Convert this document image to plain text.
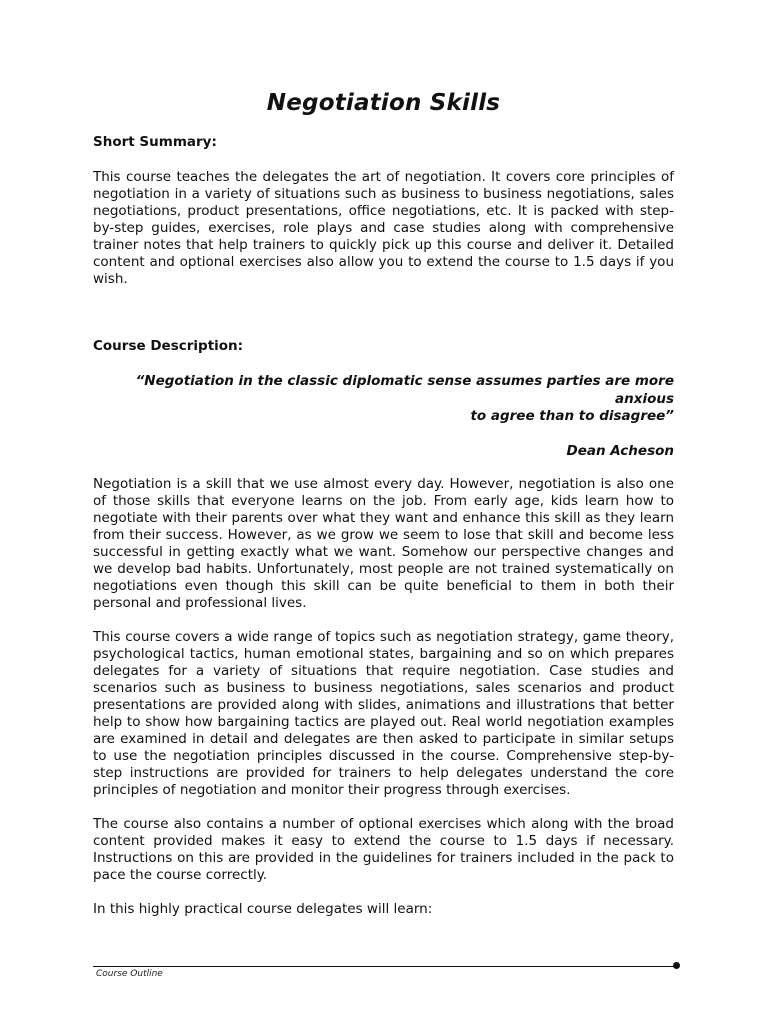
Negotiation Skills
Short Summary:

This course teaches the delegates the art of negotiation. It covers core principles of negotiation in a variety of situations such as business to business negotiations, sales negotiations, product presentations, office negotiations, etc. It is packed with step-by-step guides, exercises, role plays and case studies along with comprehensive trainer notes that help trainers to quickly pick up this course and deliver it. Detailed content and optional exercises also allow you to extend the course to 1.5 days if you wish.

Course Description:
“Negotiation in the classic diplomatic sense assumes parties are more anxious
to agree than to disagree”
Dean Acheson

Negotiation is a skill that we use almost every day. However, negotiation is also one of those skills that everyone learns on the job. From early age, kids learn how to negotiate with their parents over what they want and enhance this skill as they learn from their success. However, as we grow we seem to lose that skill and become less successful in getting exactly what we want. Somehow our perspective changes and we develop bad habits. Unfortunately, most people are not trained systematically on negotiations even though this skill can be quite beneficial to them in both their personal and professional lives.

This course covers a wide range of topics such as negotiation strategy, game theory, psychological tactics, human emotional states, bargaining and so on which prepares delegates for a variety of situations that require negotiation. Case studies and scenarios such as business to business negotiations, sales scenarios and product presentations are provided along with slides, animations and illustrations that better help to show how bargaining tactics are played out. Real world negotiation examples are examined in detail and delegates are then asked to participate in similar setups to use the negotiation principles discussed in the course. Comprehensive step-by-step instructions are provided for trainers to help delegates understand the core principles of negotiation and monitor their progress through exercises.

The course also contains a number of optional exercises which along with the broad content provided makes it easy to extend the course to 1.5 days if necessary. Instructions on this are provided in the guidelines for trainers included in the pack to pace the course correctly.

In this highly practical course delegates will learn:

Course Outline
